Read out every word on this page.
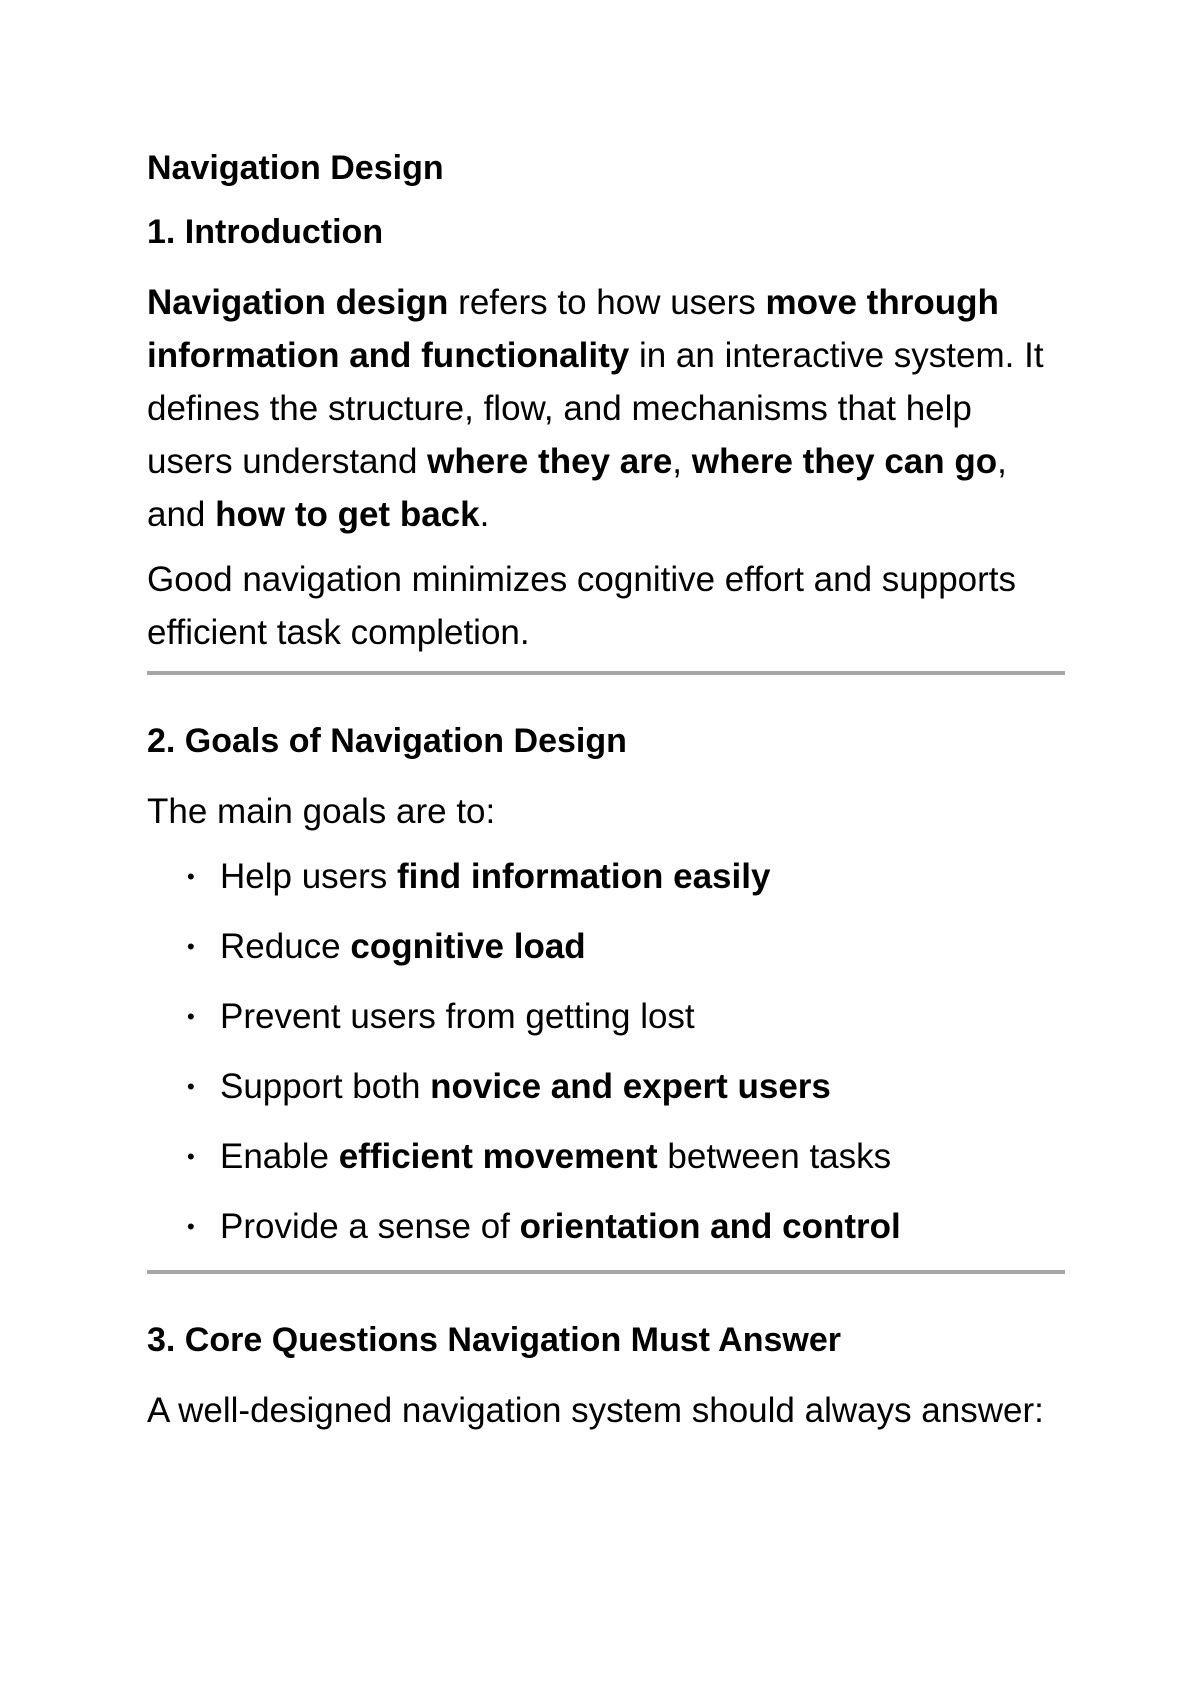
Navigation Design
1. Introduction

Navigation design refers to how users move through information and functionality in an interactive system. It defines the structure, flow, and mechanisms that help users understand where they are, where they can go, and how to get back.

Good navigation minimizes cognitive effort and supports efficient task completion.

2. Goals of Navigation Design

The main goals are to:

• Help users find information easily
• Reduce cognitive load
• Prevent users from getting lost
• Support both novice and expert users
• Enable efficient movement between tasks
• Provide a sense of orientation and control
3. Core Questions Navigation Must Answer

A well-designed navigation system should always answer:
